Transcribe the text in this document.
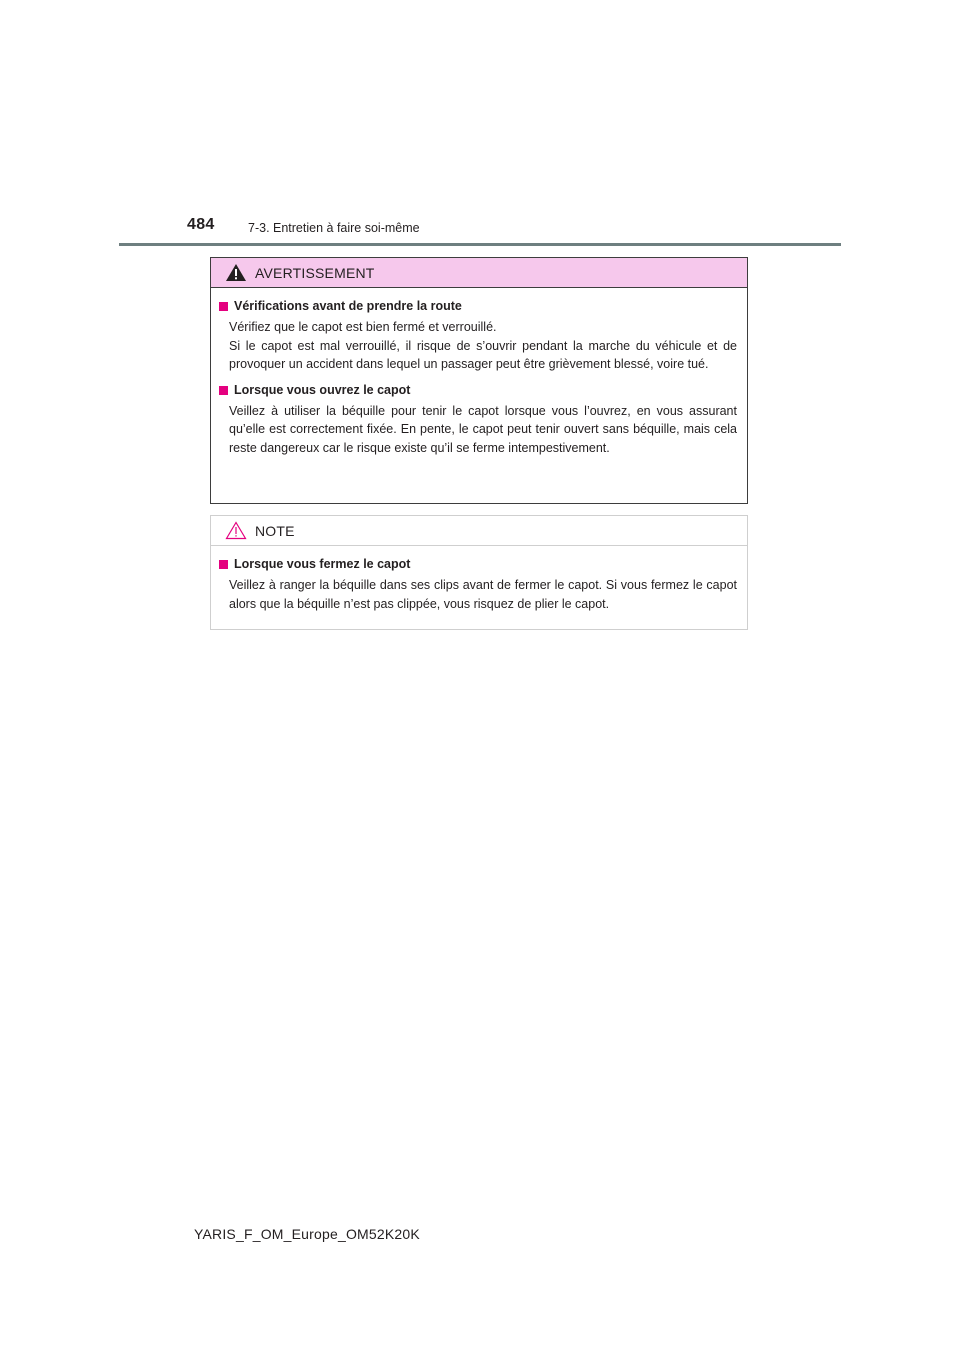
484	7-3. Entretien à faire soi-même
AVERTISSEMENT
Vérifications avant de prendre la route

Vérifiez que le capot est bien fermé et verrouillé.

Si le capot est mal verrouillé, il risque de s’ouvrir pendant la marche du véhicule et de provoquer un accident dans lequel un passager peut être grièvement blessé, voire tué.

Lorsque vous ouvrez le capot

Veillez à utiliser la béquille pour tenir le capot lorsque vous l’ouvrez, en vous assurant qu’elle est correctement fixée. En pente, le capot peut tenir ouvert sans béquille, mais cela reste dangereux car le risque existe qu’il se ferme intempestivement.

NOTE
Lorsque vous fermez le capot

Veillez à ranger la béquille dans ses clips avant de fermer le capot. Si vous fermez le capot alors que la béquille n’est pas clippée, vous risquez de plier le capot.

YARIS_F_OM_Europe_OM52K20K
